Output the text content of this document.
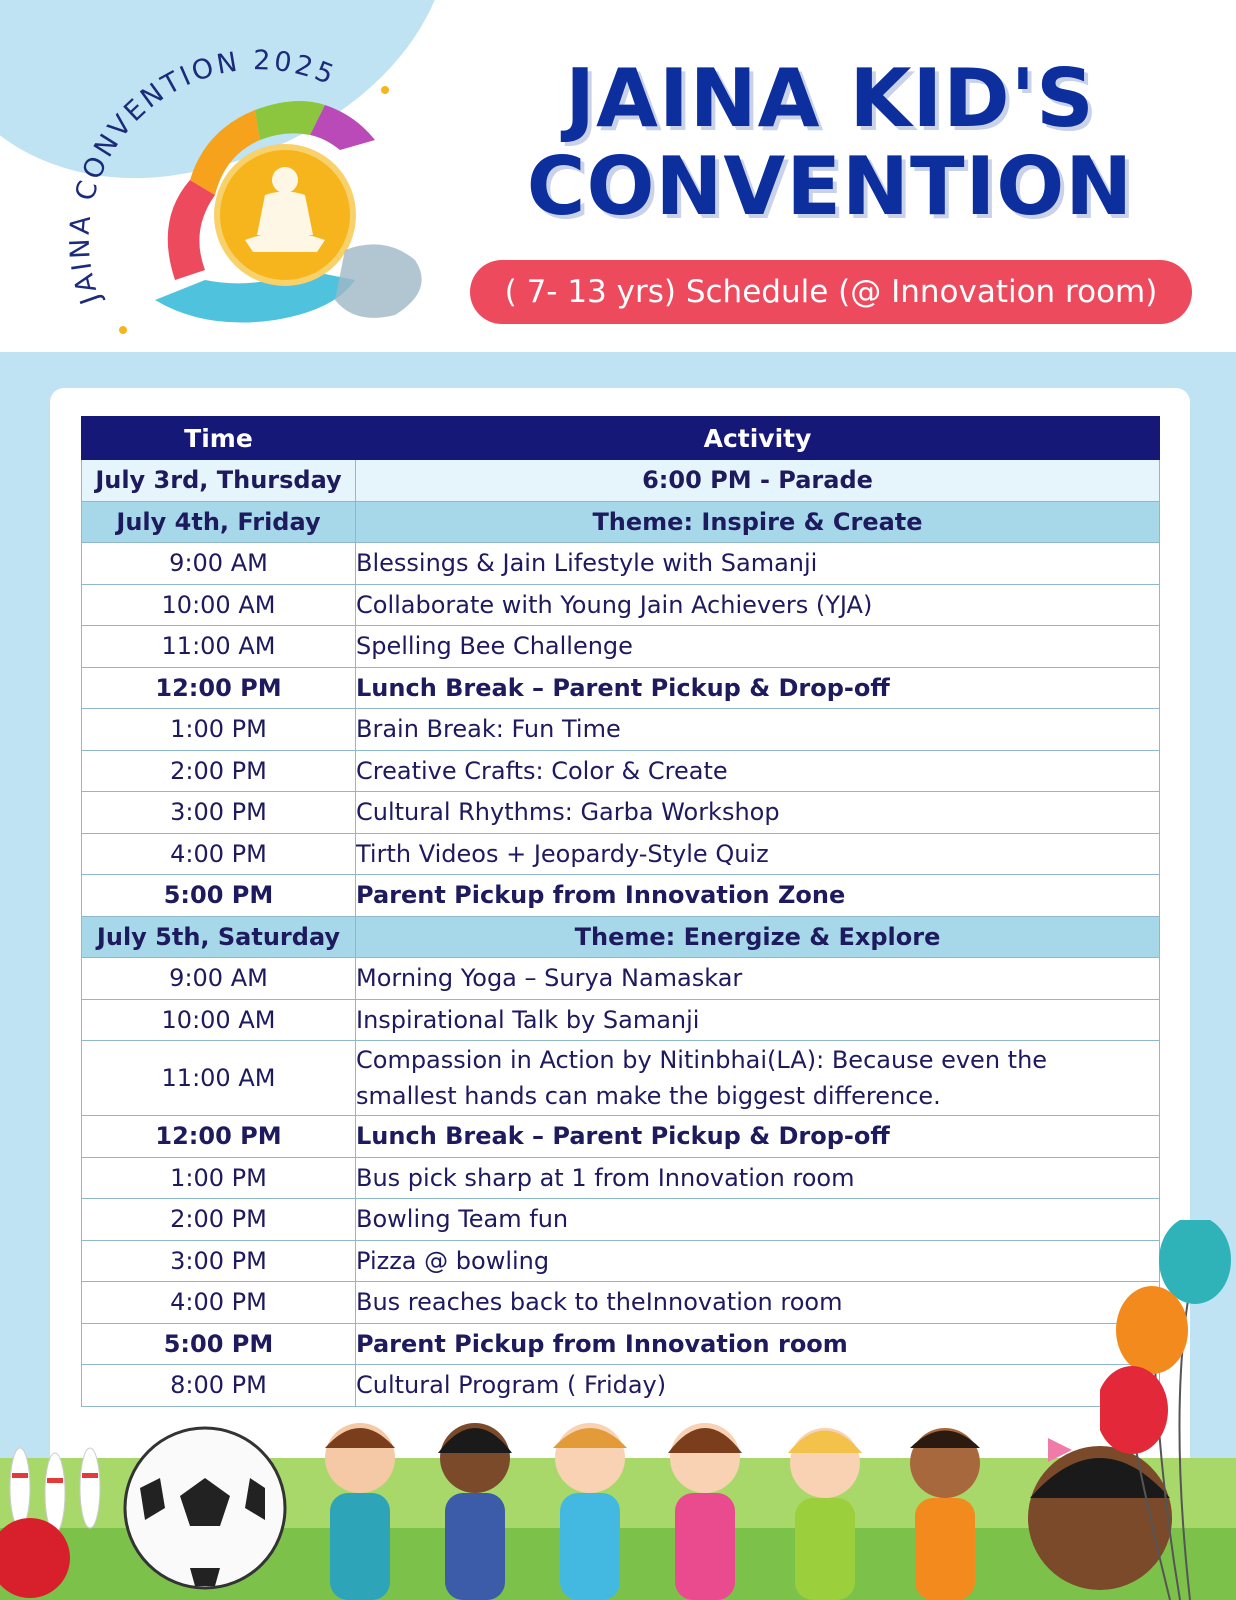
JAINA CONVENTION 2025	JAINA KID'S
CONVENTION
( 7- 13 yrs) Schedule (@ Innovation room)
Time	Activity
July 3rd, Thursday	6:00 PM - Parade
July 4th, Friday	Theme: Inspire & Create
9:00 AM	Blessings & Jain Lifestyle with Samanji
10:00 AM	Collaborate with Young Jain Achievers (YJA)
11:00 AM	Spelling Bee Challenge
12:00 PM	Lunch Break – Parent Pickup & Drop-off
1:00 PM	Brain Break: Fun Time
2:00 PM	Creative Crafts: Color & Create
3:00 PM	Cultural Rhythms: Garba Workshop
4:00 PM	Tirth Videos + Jeopardy-Style Quiz
5:00 PM	Parent Pickup from Innovation Zone
July 5th, Saturday	Theme: Energize & Explore
9:00 AM	Morning Yoga – Surya Namaskar
10:00 AM	Inspirational Talk by Samanji
11:00 AM	Compassion in Action by Nitinbhai(LA): Because even the smallest hands can make the biggest difference.
12:00 PM	Lunch Break – Parent Pickup & Drop-off
1:00 PM	Bus pick sharp at 1 from Innovation room
2:00 PM	Bowling Team fun
3:00 PM	Pizza @ bowling
4:00 PM	Bus reaches back to theInnovation room
5:00 PM	Parent Pickup from Innovation room
8:00 PM	Cultural Program ( Friday)
